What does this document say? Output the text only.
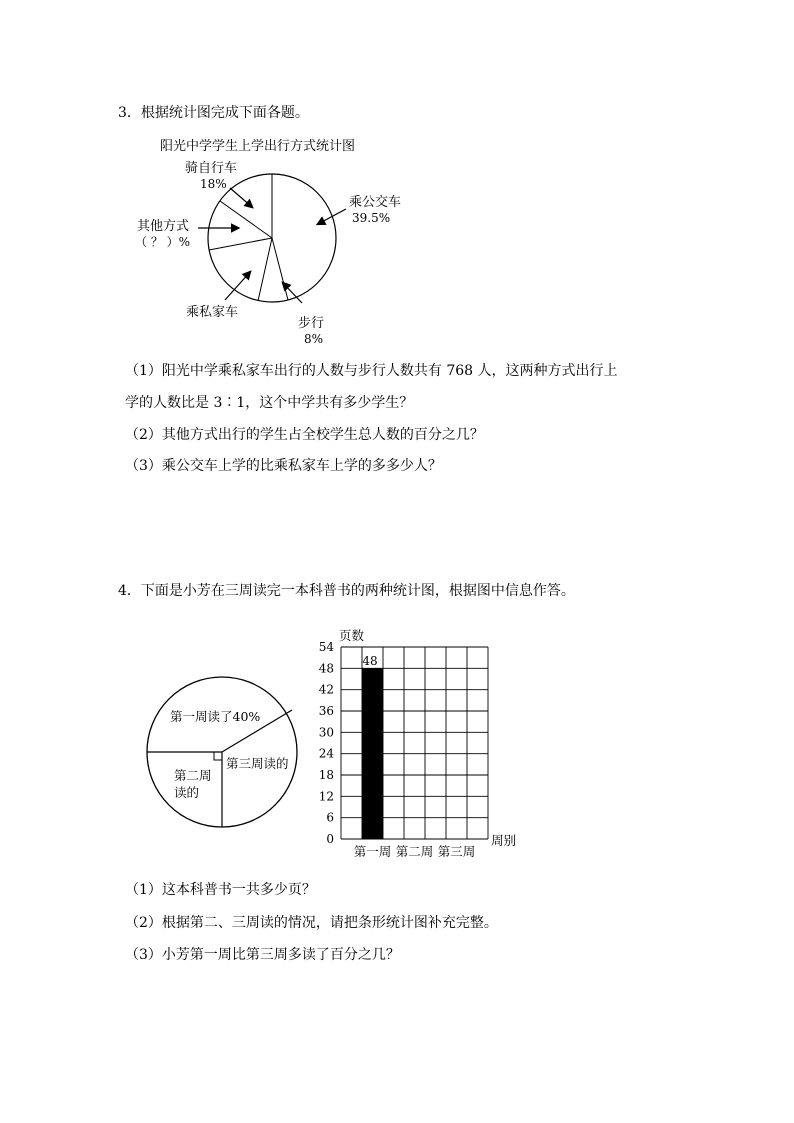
3．根据统计图完成下面各题。
阳光中学学生上学出行方式统计图
骑自行车
18%
其他方式
（ ？ ）%
乘私家车
步行
8%
乘公交车
39.5%
（1）阳光中学乘私家车出行的人数与步行人数共有 768 人，这两种方式出行上
学的人数比是 3∶1，这个中学共有多少学生？
（2）其他方式出行的学生占全校学生总人数的百分之几？
（3）乘公交车上学的比乘私家车上学的多多少人？
4．下面是小芳在三周读完一本科普书的两种统计图，根据图中信息作答。
第一周读了40%
第二周
读的
第三周读的
0
6
12
18
24
30
36
42
48
54
第一周 第二周 第三周
页数
周别
48
（1）这本科普书一共多少页？
（2）根据第二、三周读的情况，请把条形统计图补充完整。
（3）小芳第一周比第三周多读了百分之几？
